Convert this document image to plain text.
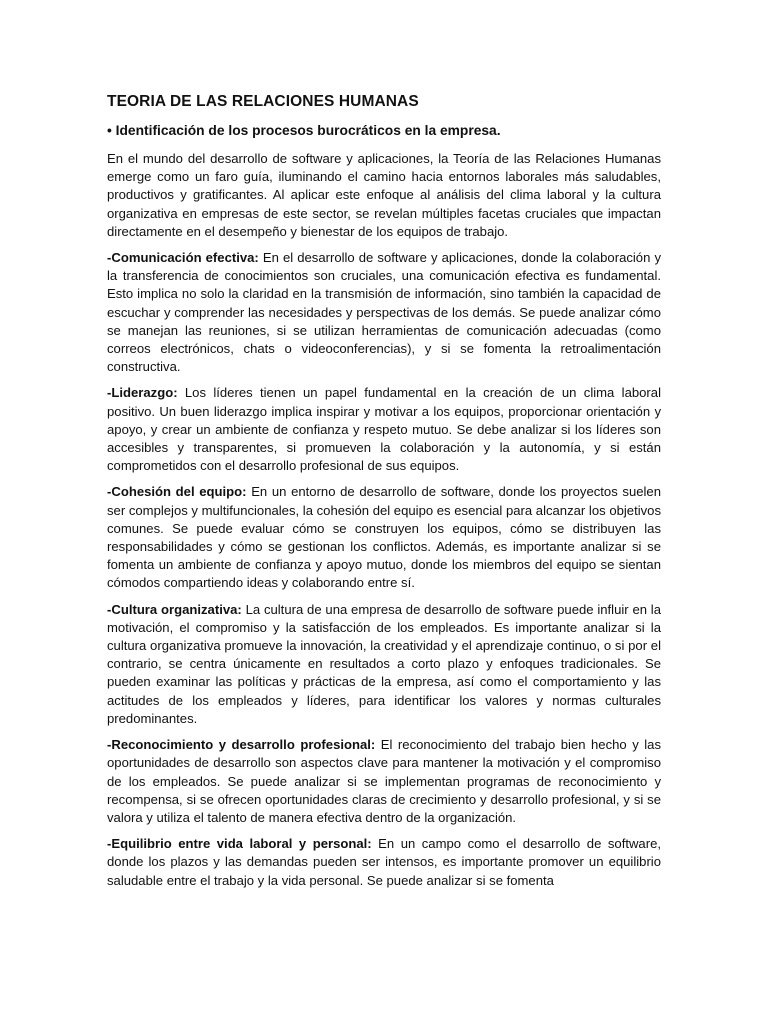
TEORIA DE LAS RELACIONES HUMANAS
• Identificación de los procesos burocráticos en la empresa.

En el mundo del desarrollo de software y aplicaciones, la Teoría de las Relaciones Humanas emerge como un faro guía, iluminando el camino hacia entornos laborales más saludables, productivos y gratificantes. Al aplicar este enfoque al análisis del clima laboral y la cultura organizativa en empresas de este sector, se revelan múltiples facetas cruciales que impactan directamente en el desempeño y bienestar de los equipos de trabajo.

-Comunicación efectiva: En el desarrollo de software y aplicaciones, donde la colaboración y la transferencia de conocimientos son cruciales, una comunicación efectiva es fundamental. Esto implica no solo la claridad en la transmisión de información, sino también la capacidad de escuchar y comprender las necesidades y perspectivas de los demás. Se puede analizar cómo se manejan las reuniones, si se utilizan herramientas de comunicación adecuadas (como correos electrónicos, chats o videoconferencias), y si se fomenta la retroalimentación constructiva.

-Liderazgo: Los líderes tienen un papel fundamental en la creación de un clima laboral positivo. Un buen liderazgo implica inspirar y motivar a los equipos, proporcionar orientación y apoyo, y crear un ambiente de confianza y respeto mutuo. Se debe analizar si los líderes son accesibles y transparentes, si promueven la colaboración y la autonomía, y si están comprometidos con el desarrollo profesional de sus equipos.

-Cohesión del equipo: En un entorno de desarrollo de software, donde los proyectos suelen ser complejos y multifuncionales, la cohesión del equipo es esencial para alcanzar los objetivos comunes. Se puede evaluar cómo se construyen los equipos, cómo se distribuyen las responsabilidades y cómo se gestionan los conflictos. Además, es importante analizar si se fomenta un ambiente de confianza y apoyo mutuo, donde los miembros del equipo se sientan cómodos compartiendo ideas y colaborando entre sí.

-Cultura organizativa: La cultura de una empresa de desarrollo de software puede influir en la motivación, el compromiso y la satisfacción de los empleados. Es importante analizar si la cultura organizativa promueve la innovación, la creatividad y el aprendizaje continuo, o si por el contrario, se centra únicamente en resultados a corto plazo y enfoques tradicionales. Se pueden examinar las políticas y prácticas de la empresa, así como el comportamiento y las actitudes de los empleados y líderes, para identificar los valores y normas culturales predominantes.

-Reconocimiento y desarrollo profesional: El reconocimiento del trabajo bien hecho y las oportunidades de desarrollo son aspectos clave para mantener la motivación y el compromiso de los empleados. Se puede analizar si se implementan programas de reconocimiento y recompensa, si se ofrecen oportunidades claras de crecimiento y desarrollo profesional, y si se valora y utiliza el talento de manera efectiva dentro de la organización.

-Equilibrio entre vida laboral y personal: En un campo como el desarrollo de software, donde los plazos y las demandas pueden ser intensos, es importante promover un equilibrio saludable entre el trabajo y la vida personal. Se puede analizar si se fomenta
